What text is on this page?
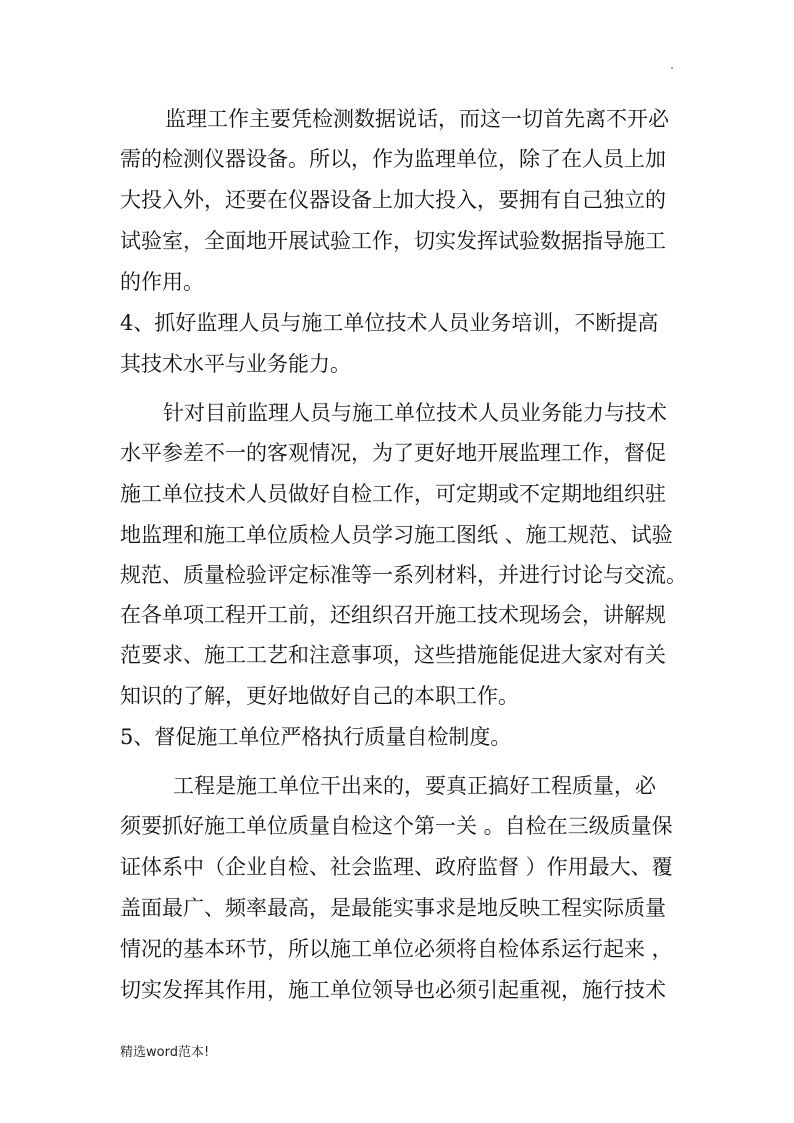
.
监理工作主要凭检测数据说话，而这一切首先离不开必
需的检测仪器设备。所以，作为监理单位，除了在人员上加
大投入外，还要在仪器设备上加大投入，要拥有自己独立的
试验室，全面地开展试验工作，切实发挥试验数据指导施工
的作用。
4、抓好监理人员与施工单位技术人员业务培训，不断提高
其技术水平与业务能力。
针对目前监理人员与施工单位技术人员业务能力与技术
水平参差不一的客观情况，为了更好地开展监理工作，督促
施工单位技术人员做好自检工作，可定期或不定期地组织驻
地监理和施工单位质检人员学习施工图纸 、施工规范、试验
规范、质量检验评定标准等一系列材料，并进行讨论与交流。
在各单项工程开工前，还组织召开施工技术现场会，讲解规
范要求、施工工艺和注意事项，这些措施能促进大家对有关
知识的了解，更好地做好自己的本职工作。
5、督促施工单位严格执行质量自检制度。
工程是施工单位干出来的，要真正搞好工程质量，必
须要抓好施工单位质量自检这个第一关 。自检在三级质量保
证体系中（企业自检、社会监理、政府监督 ）作用最大、覆
盖面最广、频率最高，是最能实事求是地反映工程实际质量
情况的基本环节，所以施工单位必须将自检体系运行起来 ，
切实发挥其作用，施工单位领导也必须引起重视，施行技术
精选word范本!
